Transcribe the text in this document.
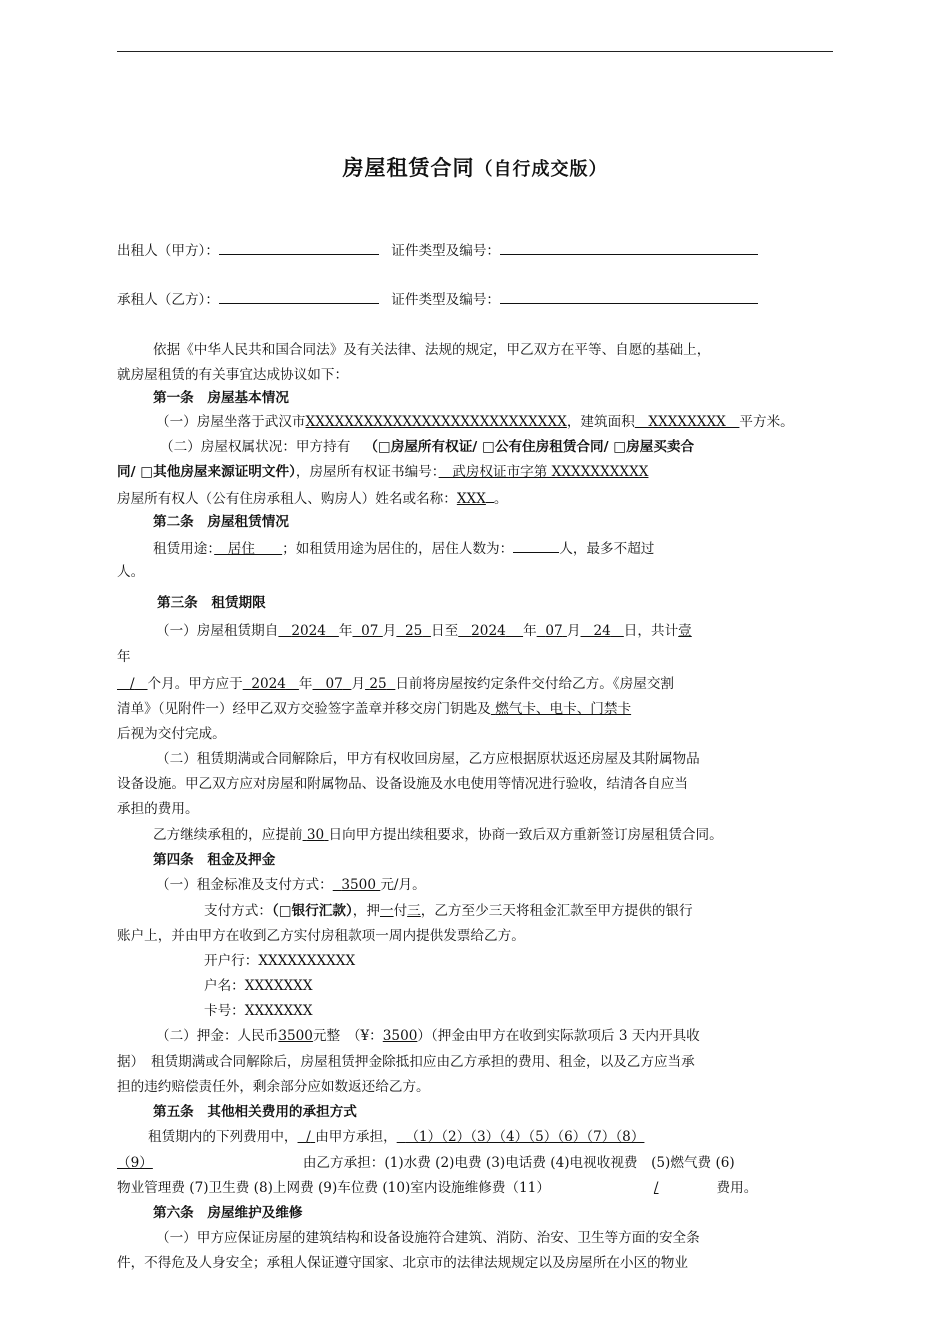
房屋租赁合同（自行成交版）
出租人（甲方）：	证件类型及编号：
承租人（乙方）：	证件类型及编号：
依据《中华人民共和国合同法》及有关法律、法规的规定，甲乙双方在平等、自愿的基础上，
就房屋租赁的有关事宜达成协议如下：
第一条　房屋基本情况
（一）房屋坐落于武汉市XXXXXXXXXXXXXXXXXXXXXXXXXXX，建筑面积　XXXXXXXX　平方米。
（二）房屋权属状况：甲方持有 （□房屋所有权证/ □公有住房租赁合同/ □房屋买卖合
同/ □其他房屋来源证明文件），房屋所有权证书编号：　武房权证市字第 XXXXXXXXXX
房屋所有权人（公有住房承租人、购房人）姓名或名称：XXX 。
第二条　房屋租赁情况
租赁用途：　居住　　；如租赁用途为居住的，居住人数为：	人，最多不超过
人。
第三条　租赁期限
（一）房屋租赁期自 2024 年 07 月 25 日至 2024 年 07 月 24 日，共计壹
年
/ 个月。甲方应于 2024 年 07 月 25 日前将房屋按约定条件交付给乙方。《房屋交割
清单》（见附件一）经甲乙双方交验签字盖章并移交房门钥匙及 燃气卡、电卡、门禁卡
后视为交付完成。
（二）租赁期满或合同解除后，甲方有权收回房屋，乙方应根据原状返还房屋及其附属物品
设备设施。甲乙双方应对房屋和附属物品、设备设施及水电使用等情况进行验收，结清各自应当
承担的费用。
乙方继续承租的，应提前 30 日向甲方提出续租要求，协商一致后双方重新签订房屋租赁合同。
第四条　租金及押金
（一）租金标准及支付方式： 3500 元/月。
支付方式：（□银行汇款），押一付三，乙方至少三天将租金汇款至甲方提供的银行
账户上，并由甲方在收到乙方实付房租款项一周内提供发票给乙方。
开户行：XXXXXXXXXX
户名：XXXXXXX
卡号：XXXXXXX
（二）押金：人民币3500元整　（¥：3500）（押金由甲方在收到实际款项后 3 天内开具收
据）　租赁期满或合同解除后，房屋租赁押金除抵扣应由乙方承担的费用、租金，以及乙方应当承
担的违约赔偿责任外，剩余部分应如数返还给乙方。
第五条　其他相关费用的承担方式
租赁期内的下列费用中， / 由甲方承担， （1）（2）（3）（4）（5）（6）（7）（8）
（9）	由乙方承担：(1)水费 (2)电费 (3)电话费 (4)电视收视费　(5)燃气费 (6)
物业管理费 (7)卫生费 (8)上网费 (9)车位费 (10)室内设施维修费（11）	/	费用。
第六条　房屋维护及维修
（一）甲方应保证房屋的建筑结构和设备设施符合建筑、消防、治安、卫生等方面的安全条
件，不得危及人身安全；承租人保证遵守国家、北京市的法律法规规定以及房屋所在小区的物业
